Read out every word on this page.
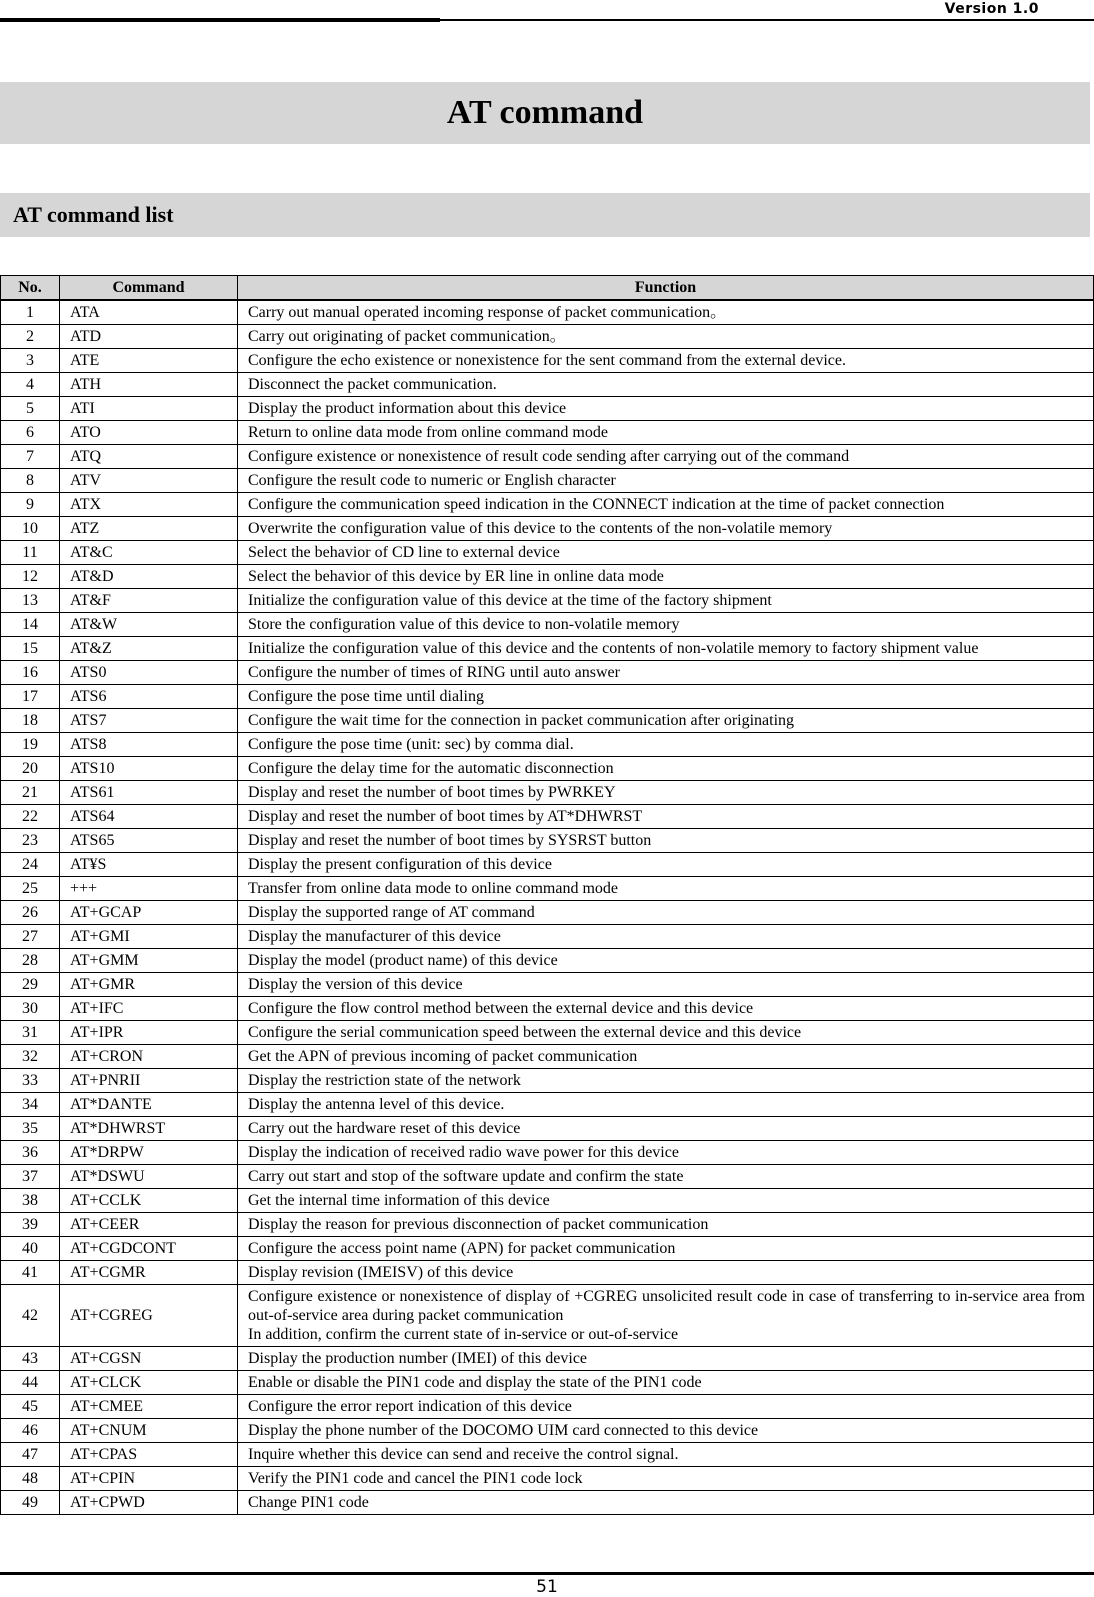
Version 1.0
AT command
AT command list
No.	Command	Function
1	ATA	Carry out manual operated incoming response of packet communication。
2	ATD	Carry out originating of packet communication。
3	ATE	Configure the echo existence or nonexistence for the sent command from the external device.
4	ATH	Disconnect the packet communication.
5	ATI	Display the product information about this device
6	ATO	Return to online data mode from online command mode
7	ATQ	Configure existence or nonexistence of result code sending after carrying out of the command
8	ATV	Configure the result code to numeric or English character
9	ATX	Configure the communication speed indication in the CONNECT indication at the time of packet connection
10	ATZ	Overwrite the configuration value of this device to the contents of the non-volatile memory
11	AT&C	Select the behavior of CD line to external device
12	AT&D	Select the behavior of this device by ER line in online data mode
13	AT&F	Initialize the configuration value of this device at the time of the factory shipment
14	AT&W	Store the configuration value of this device to non-volatile memory
15	AT&Z	Initialize the configuration value of this device and the contents of non-volatile memory to factory shipment value
16	ATS0	Configure the number of times of RING until auto answer
17	ATS6	Configure the pose time until dialing
18	ATS7	Configure the wait time for the connection in packet communication after originating
19	ATS8	Configure the pose time (unit: sec) by comma dial.
20	ATS10	Configure the delay time for the automatic disconnection
21	ATS61	Display and reset the number of boot times by PWRKEY
22	ATS64	Display and reset the number of boot times by AT*DHWRST
23	ATS65	Display and reset the number of boot times by SYSRST button
24	AT¥S	Display the present configuration of this device
25	+++	Transfer from online data mode to online command mode
26	AT+GCAP	Display the supported range of AT command
27	AT+GMI	Display the manufacturer of this device
28	AT+GMM	Display the model (product name) of this device
29	AT+GMR	Display the version of this device
30	AT+IFC	Configure the flow control method between the external device and this device
31	AT+IPR	Configure the serial communication speed between the external device and this device
32	AT+CRON	Get the APN of previous incoming of packet communication
33	AT+PNRII	Display the restriction state of the network
34	AT*DANTE	Display the antenna level of this device.
35	AT*DHWRST	Carry out the hardware reset of this device
36	AT*DRPW	Display the indication of received radio wave power for this device
37	AT*DSWU	Carry out start and stop of the software update and confirm the state
38	AT+CCLK	Get the internal time information of this device
39	AT+CEER	Display the reason for previous disconnection of packet communication
40	AT+CGDCONT	Configure the access point name (APN) for packet communication
41	AT+CGMR	Display revision (IMEISV) of this device
42	AT+CGREG	Configure existence or nonexistence of display of +CGREG unsolicited result code in case of transferring to in-service area from out-of-service area during packet communication
In addition, confirm the current state of in-service or out-of-service
43	AT+CGSN	Display the production number (IMEI) of this device
44	AT+CLCK	Enable or disable the PIN1 code and display the state of the PIN1 code
45	AT+CMEE	Configure the error report indication of this device
46	AT+CNUM	Display the phone number of the DOCOMO UIM card connected to this device
47	AT+CPAS	Inquire whether this device can send and receive the control signal.
48	AT+CPIN	Verify the PIN1 code and cancel the PIN1 code lock
49	AT+CPWD	Change PIN1 code
51
